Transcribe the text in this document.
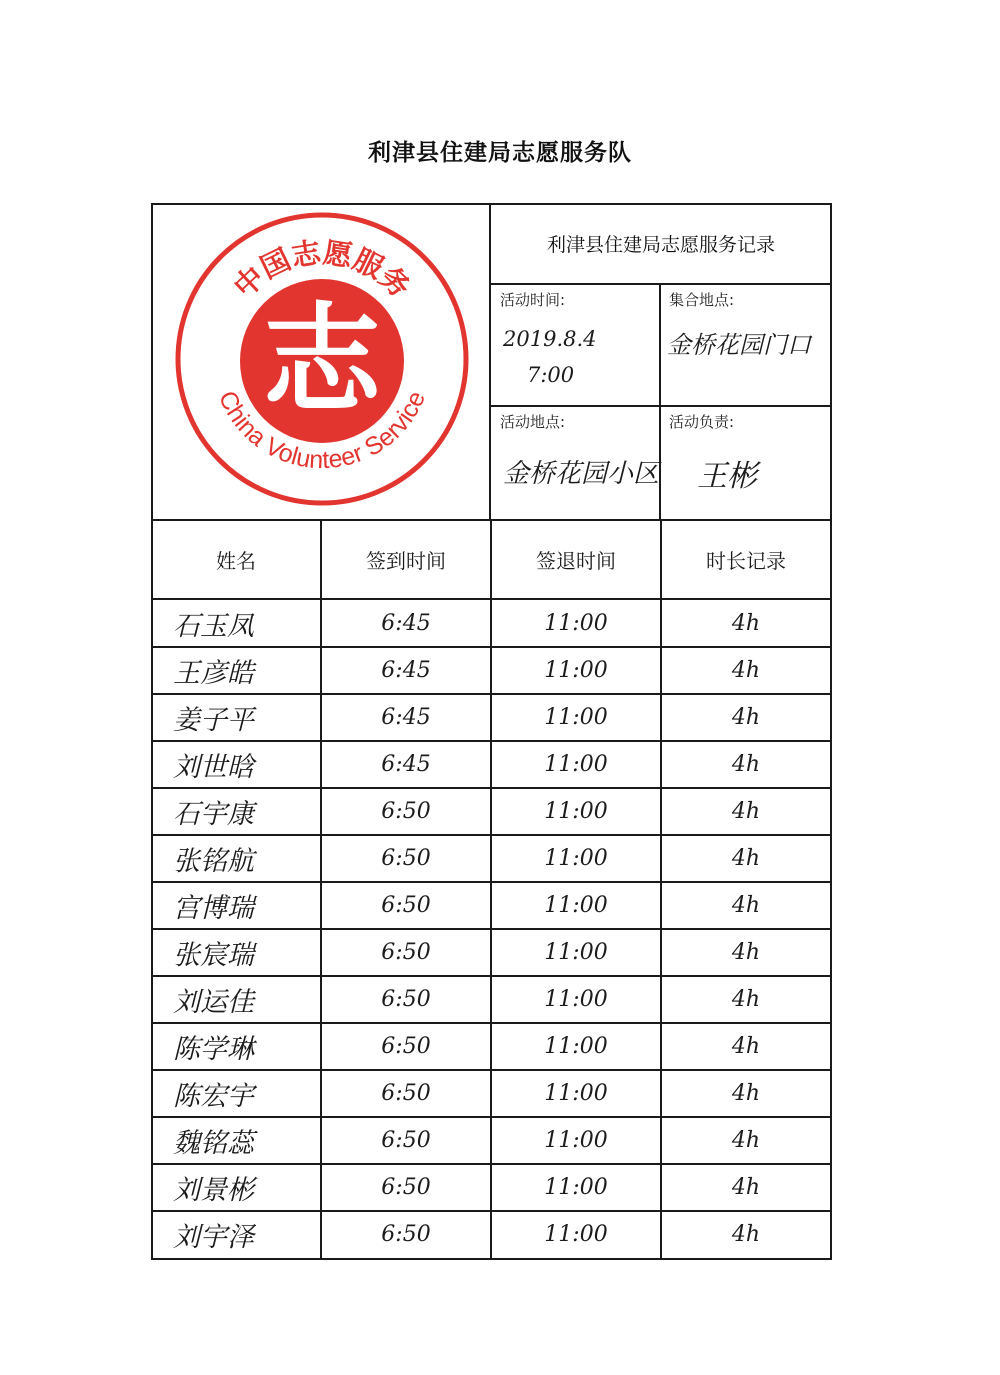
利津县住建局志愿服务队
中国志愿服务
China Volunteer Service
志
利津县住建局志愿服务记录
活动时间:
2019.8.4
7:00
集合地点:
金桥花园门口
活动地点:
金桥花园小区
活动负责:
王彬
姓名	签到时间	签退时间	时长记录
石玉凤	6:45	11:00	4h
王彦皓	6:45	11:00	4h
姜子平	6:45	11:00	4h
刘世晗	6:45	11:00	4h
石宇康	6:50	11:00	4h
张铭航	6:50	11:00	4h
宫博瑞	6:50	11:00	4h
张宸瑞	6:50	11:00	4h
刘运佳	6:50	11:00	4h
陈学琳	6:50	11:00	4h
陈宏宇	6:50	11:00	4h
魏铭蕊	6:50	11:00	4h
刘景彬	6:50	11:00	4h
刘宇泽	6:50	11:00	4h
